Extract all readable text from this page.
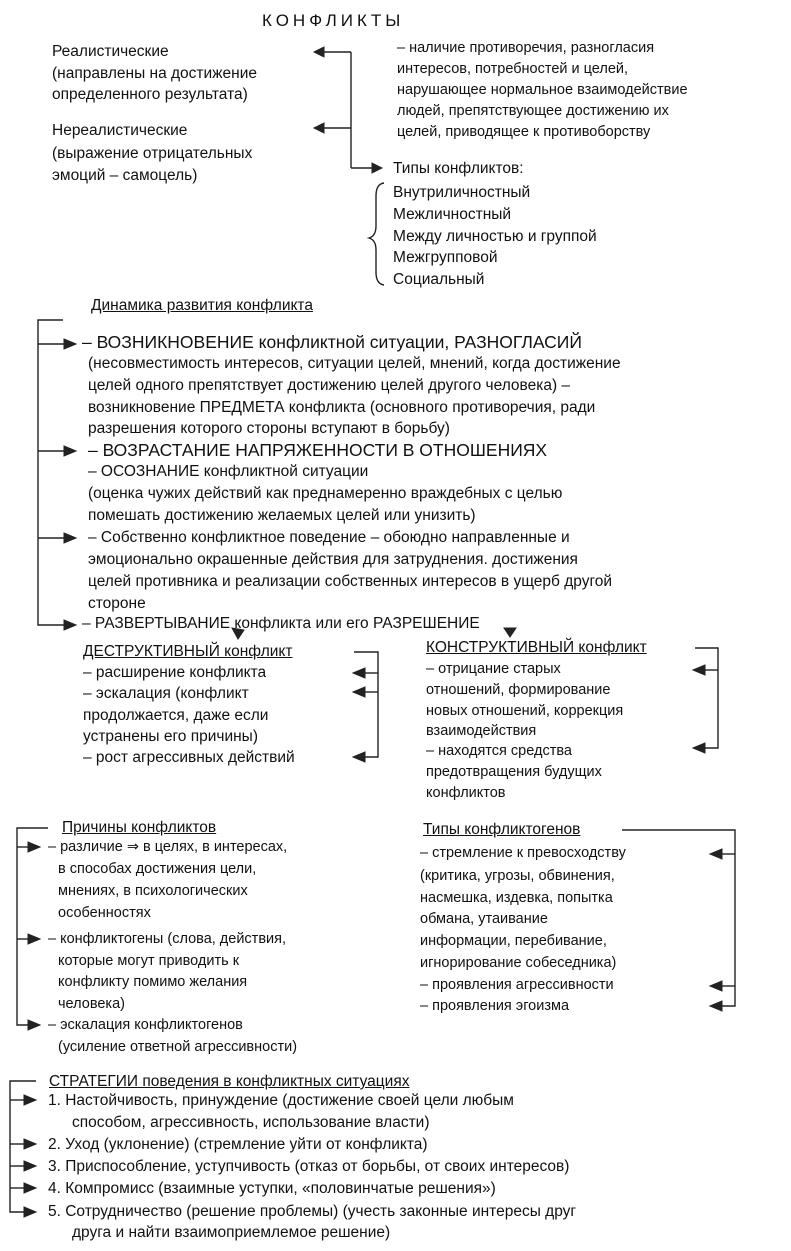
КОНФЛИКТЫ
Реалистические
(направлены на достижение
определенного результата)
Нереалистические
(выражение отрицательных
эмоций – самоцель)
– наличие противоречия, разногласия
интересов, потребностей и целей,
нарушающее нормальное взаимодействие
людей, препятствующее достижению их
целей, приводящее к противоборству
Типы конфликтов:
Внутриличностный
Межличностный
Между личностью и группой
Межгрупповой
Социальный
Динамика развития конфликта
– ВОЗНИКНОВЕНИЕ конфликтной ситуации, РАЗНОГЛАСИЙ
(несовместимость интересов, ситуации целей, мнений, когда достижение
целей одного препятствует достижению целей другого человека) –
возникновение ПРЕДМЕТА конфликта (основного противоречия, ради
разрешения которого стороны вступают в борьбу)
– ВОЗРАСТАНИЕ НАПРЯЖЕННОСТИ В ОТНОШЕНИЯХ
– ОСОЗНАНИЕ конфликтной ситуации
(оценка чужих действий как преднамеренно враждебных с целью
помешать достижению желаемых целей или унизить)
– Собственно конфликтное поведение – обоюдно направленные и
эмоционально окрашенные действия для затруднения. достижения
целей противника и реализации собственных интересов в ущерб другой
стороне
– РАЗВЕРТЫВАНИЕ конфликта или его РАЗРЕШЕНИЕ
ДЕСТРУКТИВНЫЙ конфликт
– расширение конфликта
– эскалация (конфликт
продолжается, даже если
устранены его причины)
– рост агрессивных действий
КОНСТРУКТИВНЫЙ конфликт
– отрицание старых
отношений, формирование
новых отношений, коррекция
взаимодействия
– находятся средства
предотвращения будущих
конфликтов
Причины конфликтов
– различие ⇒ в целях, в интересах,
в способах достижения цели,
мнениях, в психологических
особенностях
– конфликтогены (слова, действия,
которые могут приводить к
конфликту помимо желания
человека)
– эскалация конфликтогенов
(усиление ответной агрессивности)
Типы конфликтогенов
– стремление к превосходству
(критика, угрозы, обвинения,
насмешка, издевка, попытка
обмана, утаивание
информации, перебивание,
игнорирование собеседника)
– проявления агрессивности
– проявления эгоизма
СТРАТЕГИИ поведения в конфликтных ситуациях
1. Настойчивость, принуждение (достижение своей цели любым
способом, агрессивность, использование власти)
2. Уход (уклонение) (стремление уйти от конфликта)
3. Приспособление, уступчивость (отказ от борьбы, от своих интересов)
4. Компромисс (взаимные уступки, «половинчатые решения»)
5. Сотрудничество (решение проблемы) (учесть законные интересы друг
друга и найти взаимоприемлемое решение)
